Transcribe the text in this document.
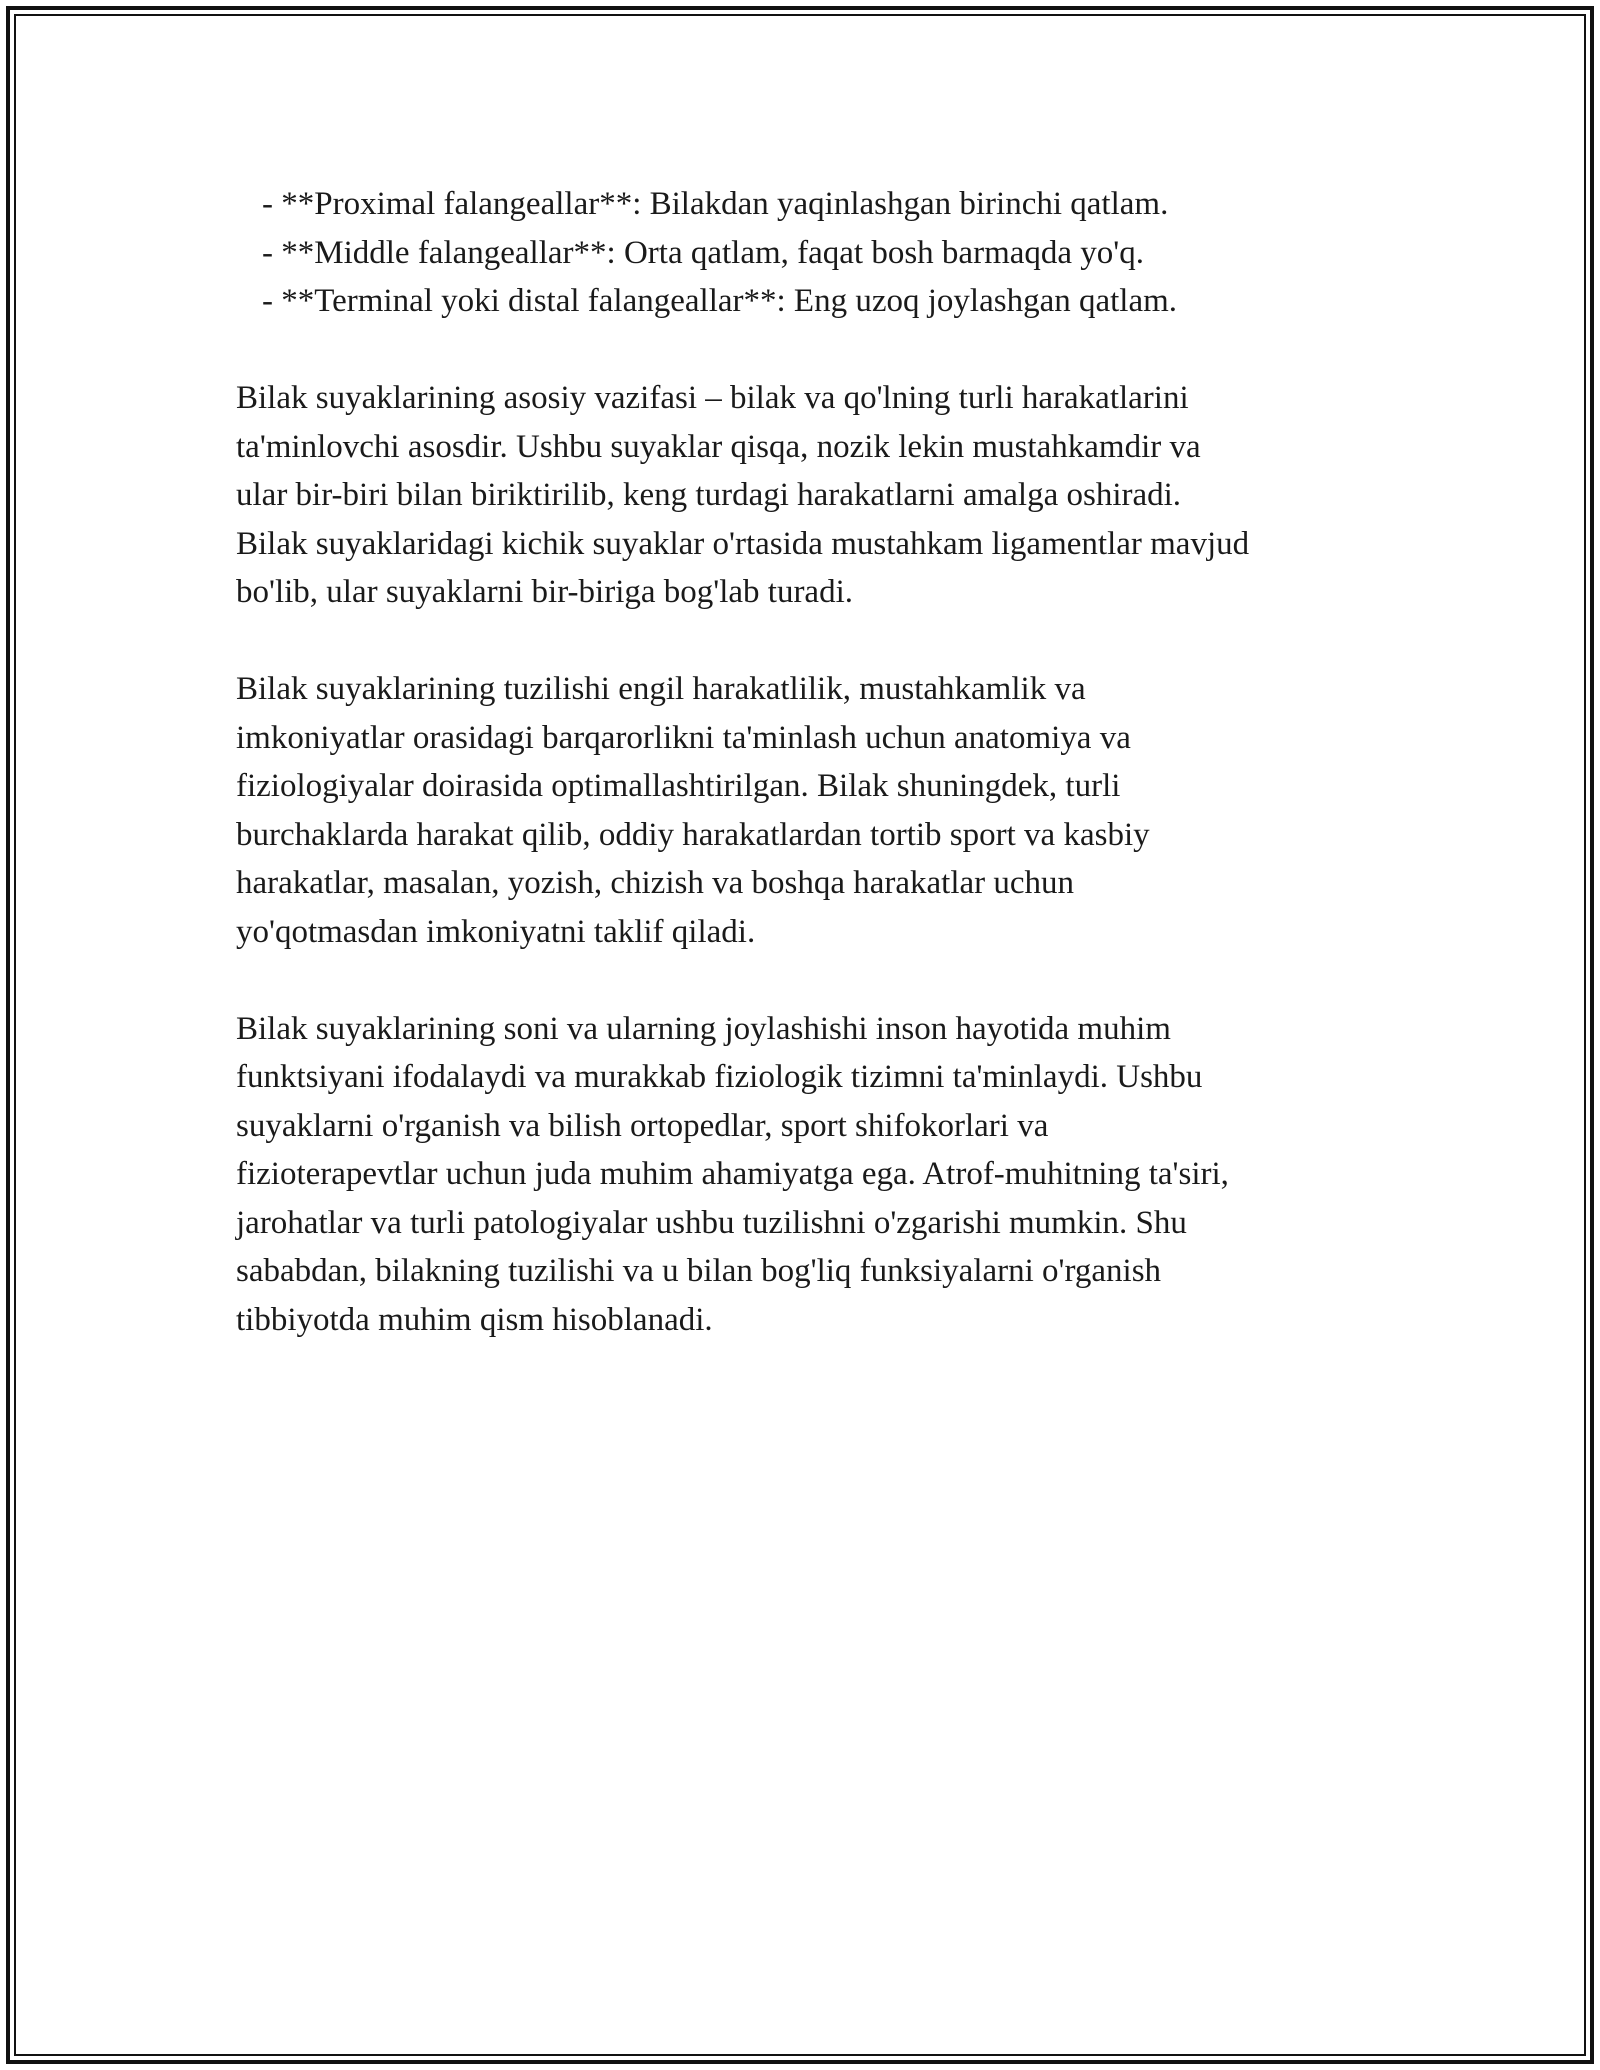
- **Proximal falangeallar**: Bilakdan yaqinlashgan birinchi qatlam.
- **Middle falangeallar**: Orta qatlam, faqat bosh barmaqda yo'q.
- **Terminal yoki distal falangeallar**: Eng uzoq joylashgan qatlam.

Bilak suyaklarining asosiy vazifasi – bilak va qo'lning turli harakatlarini
ta'minlovchi asosdir. Ushbu suyaklar qisqa, nozik lekin mustahkamdir va
ular bir-biri bilan biriktirilib, keng turdagi harakatlarni amalga oshiradi.
Bilak suyaklaridagi kichik suyaklar o'rtasida mustahkam ligamentlar mavjud
bo'lib, ular suyaklarni bir-biriga bog'lab turadi.

Bilak suyaklarining tuzilishi engil harakatlilik, mustahkamlik va
imkoniyatlar orasidagi barqarorlikni ta'minlash uchun anatomiya va
fiziologiyalar doirasida optimallashtirilgan. Bilak shuningdek, turli
burchaklarda harakat qilib, oddiy harakatlardan tortib sport va kasbiy
harakatlar, masalan, yozish, chizish va boshqa harakatlar uchun
yo'qotmasdan imkoniyatni taklif qiladi.

Bilak suyaklarining soni va ularning joylashishi inson hayotida muhim
funktsiyani ifodalaydi va murakkab fiziologik tizimni ta'minlaydi. Ushbu
suyaklarni o'rganish va bilish ortopedlar, sport shifokorlari va
fizioterapevtlar uchun juda muhim ahamiyatga ega. Atrof-muhitning ta'siri,
jarohatlar va turli patologiyalar ushbu tuzilishni o'zgarishi mumkin. Shu
sababdan, bilakning tuzilishi va u bilan bog'liq funksiyalarni o'rganish
tibbiyotda muhim qism hisoblanadi.
